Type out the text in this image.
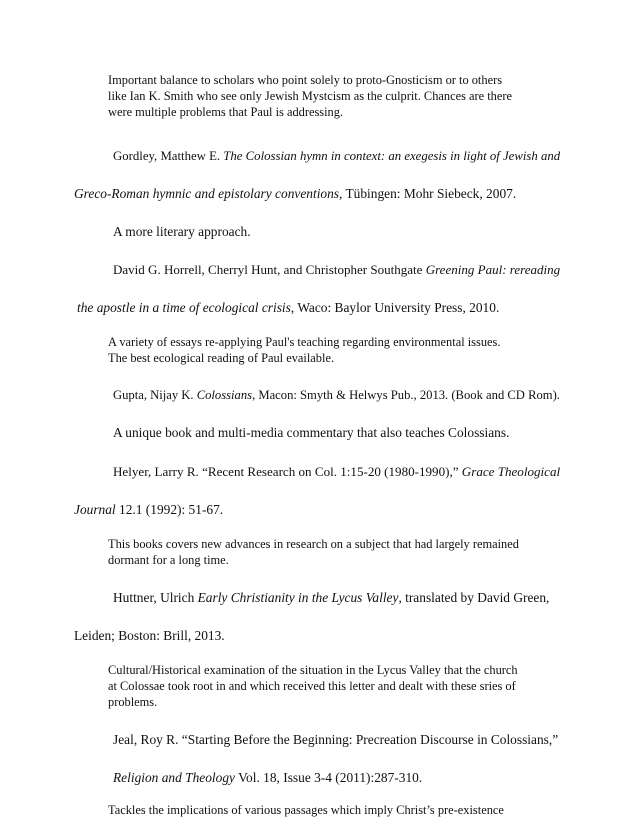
Important balance to scholars who point solely to proto-Gnosticism or to others
like Ian K. Smith who see only Jewish Mystcism as the culprit. Chances are there
were multiple problems that Paul is addressing.
Gordley, Matthew E. The Colossian hymn in context: an exegesis in light of Jewish and
Greco-Roman hymnic and epistolary conventions, Tübingen: Mohr Siebeck, 2007.
A more literary approach.
David G. Horrell, Cherryl Hunt, and Christopher Southgate Greening Paul: rereading
the apostle in a time of ecological crisis, Waco: Baylor University Press, 2010.
A variety of essays re-applying Paul's teaching regarding environmental issues.
The best ecological reading of Paul evailable.
Gupta, Nijay K. Colossians, Macon: Smyth & Helwys Pub., 2013. (Book and CD Rom).
A unique book and multi-media commentary that also teaches Colossians.
Helyer, Larry R. “Recent Research on Col. 1:15-20 (1980-1990),” Grace Theological
Journal 12.1 (1992): 51-67.
This books covers new advances in research on a subject that had largely remained
dormant for a long time.
Huttner, Ulrich Early Christianity in the Lycus Valley, translated by David Green,
Leiden; Boston: Brill, 2013.
Cultural/Historical examination of the situation in the Lycus Valley that the church
at Colossae took root in and which received this letter and dealt with these sries of
problems.
Jeal, Roy R. “Starting Before the Beginning: Precreation Discourse in Colossians,”
Religion and Theology Vol. 18, Issue 3-4 (2011):287-310.
Tackles the implications of various passages which imply Christ’s pre-existence
